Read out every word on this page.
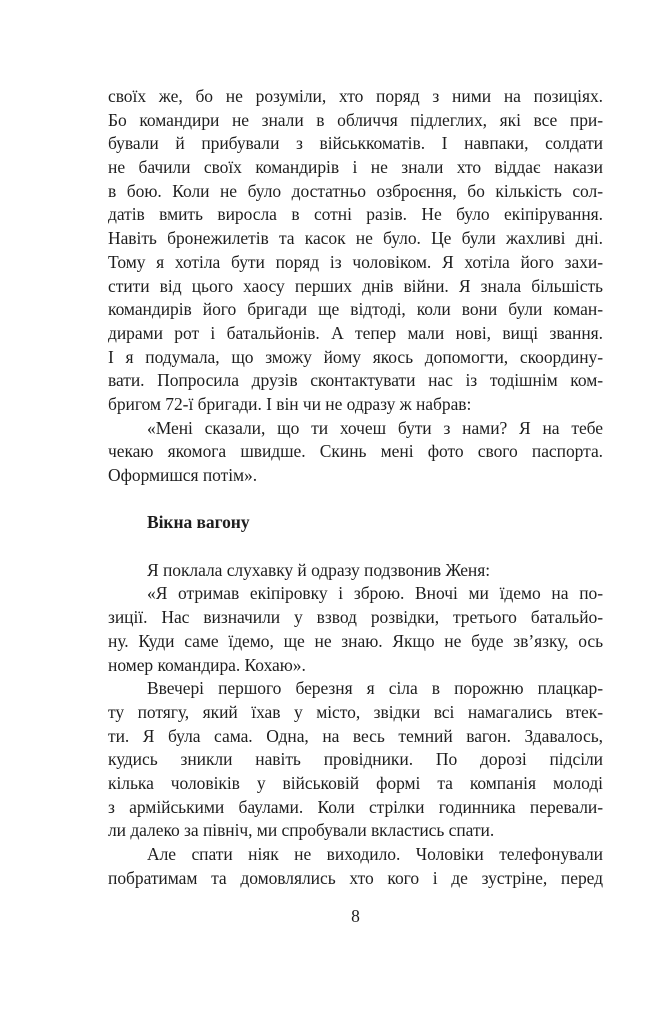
своїх же, бо не розуміли, хто поряд з ними на позиціях.
Бо командири не знали в обличчя підлеглих, які все при-
бували й прибували з військкоматів. І навпаки, солдати
не бачили своїх командирів і не знали хто віддає накази
в бою. Коли не було достатньо озброєння, бо кількість сол-
датів вмить виросла в сотні разів. Не було екіпірування.
Навіть бронежилетів та касок не було. Це були жахливі дні.
Тому я хотіла бути поряд із чоловіком. Я хотіла його захи-
стити від цього хаосу перших днів війни. Я знала більшість
командирів його бригади ще відтоді, коли вони були коман-
дирами рот і батальйонів. А тепер мали нові, вищі звання.
І я подумала, що зможу йому якось допомогти, скоордину-
вати. Попросила друзів сконтактувати нас із тодішнім ком-
бригом 72-ї бригади. І він чи не одразу ж набрав:

«Мені сказали, що ти хочеш бути з нами? Я на тебе
чекаю якомога швидше. Скинь мені фото свого паспорта.
Оформишся потім».

Вікна вагону

Я поклала слухавку й одразу подзвонив Женя:

«Я отримав екіпіровку і зброю. Вночі ми їдемо на по-
зиції. Нас визначили у взвод розвідки, третього батальйо-
ну. Куди саме їдемо, ще не знаю. Якщо не буде зв’язку, ось
номер командира. Кохаю».

Ввечері першого березня я сіла в порожню плацкар-
ту потягу, який їхав у місто, звідки всі намагались втек-
ти. Я була сама. Одна, на весь темний вагон. Здавалось,
кудись зникли навіть провідники. По дорозі підсіли
кілька чоловіків у військовій формі та компанія молоді
з армійськими баулами. Коли стрілки годинника перевали-
ли далеко за північ, ми спробували вкластись спати.

Але спати ніяк не виходило. Чоловіки телефонували
побратимам та домовлялись хто кого і де зустріне, перед

8
